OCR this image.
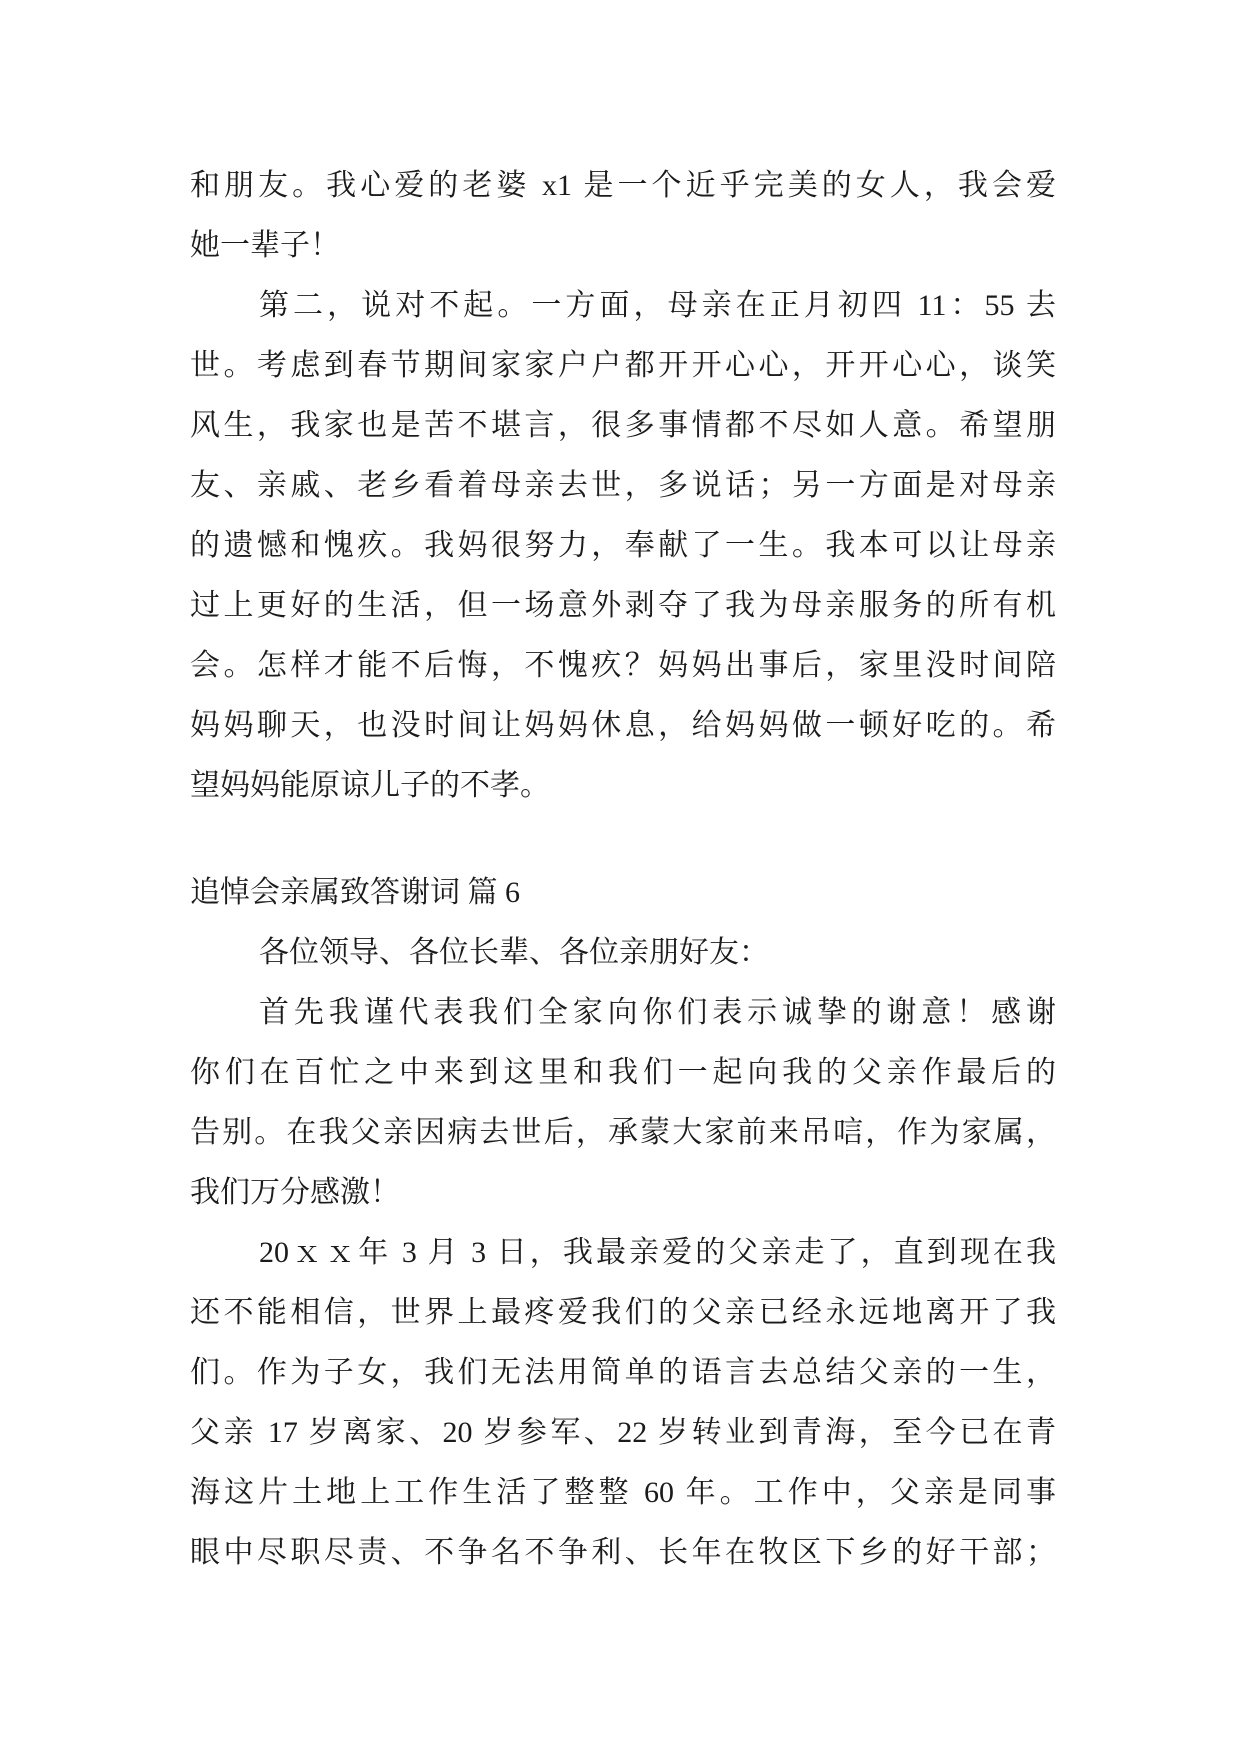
和朋友。我心爱的老婆 x1 是一个近乎完美的女人，我会爱
她一辈子！
第二，说对不起。一方面，母亲在正月初四 11：55 去
世。考虑到春节期间家家户户都开开心心，开开心心，谈笑
风生，我家也是苦不堪言，很多事情都不尽如人意。希望朋
友、亲戚、老乡看着母亲去世，多说话；另一方面是对母亲
的遗憾和愧疚。我妈很努力，奉献了一生。我本可以让母亲
过上更好的生活，但一场意外剥夺了我为母亲服务的所有机
会。怎样才能不后悔，不愧疚？妈妈出事后，家里没时间陪
妈妈聊天，也没时间让妈妈休息，给妈妈做一顿好吃的。希
望妈妈能原谅儿子的不孝。
追悼会亲属致答谢词 篇 6
各位领导、各位长辈、各位亲朋好友：
首先我谨代表我们全家向你们表示诚挚的谢意！感谢
你们在百忙之中来到这里和我们一起向我的父亲作最后的
告别。在我父亲因病去世后，承蒙大家前来吊唁，作为家属，
我们万分感激！
20ｘｘ年 3 月 3 日，我最亲爱的父亲走了，直到现在我
还不能相信，世界上最疼爱我们的父亲已经永远地离开了我
们。作为子女，我们无法用简单的语言去总结父亲的一生，
父亲 17 岁离家、20 岁参军、22 岁转业到青海，至今已在青
海这片土地上工作生活了整整 60 年。工作中，父亲是同事
眼中尽职尽责、不争名不争利、长年在牧区下乡的好干部；
